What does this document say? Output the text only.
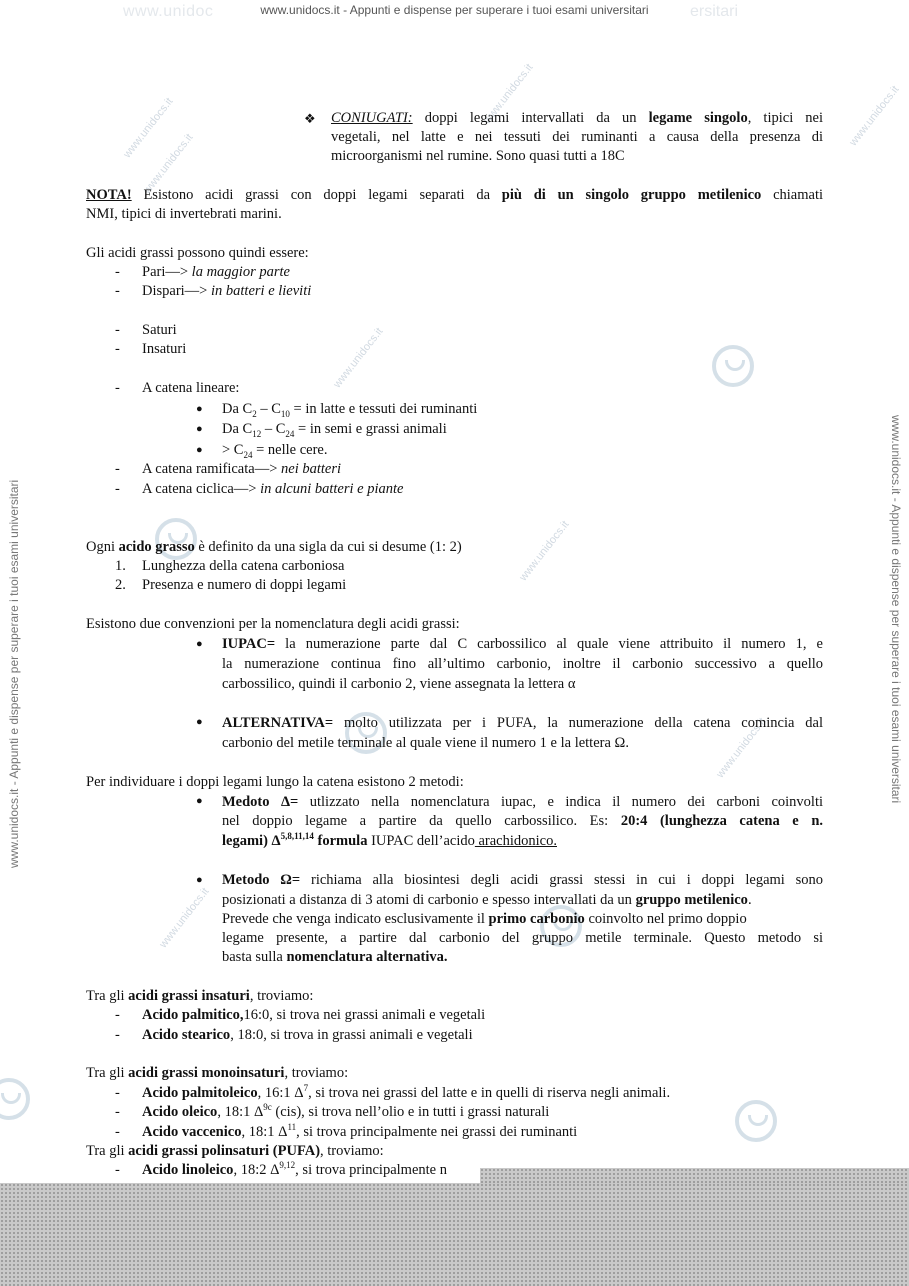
www.unidoc	ersitari
www.unidocs.it - Appunti e dispense per superare i tuoi esami universitari
www.unidocs.it - Appunti e dispense per superare i tuoi esami universitari	www.unidocs.it - Appunti e dispense per superare i tuoi esami universitari
www.unidocs.it
www.unidocs.it
www.unidocs.it
www.unidocs.it
www.unidocs.it
www.unidocs.it
www.unidocs.it	www.unidocs.it
❖ CONIUGATI: doppi legami intervallati da un legame singolo, tipici nei
vegetali, nel latte e nei tessuti dei ruminanti a causa della presenza di
microorganismi nel rumine. Sono quasi tutti a 18C
NOTA! Esistono acidi grassi con doppi legami separati da più di un singolo gruppo metilenico chiamati
NMI, tipici di invertebrati marini.
Gli acidi grassi possono quindi essere:
- Pari—> la maggior parte
- Dispari—> in batteri e lieviti
- Saturi
- Insaturi
- A catena lineare:
● Da $C_2 - C_{10}$ = in latte e tessuti dei ruminanti
● Da $C_{12} - C_{24}$ = in semi e grassi animali
● > $C_{24}$ = nelle cere.
- A catena ramificata—> nei batteri
- A catena ciclica—> in alcuni batteri e piante
Ogni acido grasso è definito da una sigla da cui si desume (1: 2)
1. Lunghezza della catena carboniosa
2. Presenza e numero di doppi legami
Esistono due convenzioni per la nomenclatura degli acidi grassi:
● IUPAC= la numerazione parte dal C carbossilico al quale viene attribuito il numero 1, e
la numerazione continua fino all’ultimo carbonio, inoltre il carbonio successivo a quello
carbossilico, quindi il carbonio 2, viene assegnata la lettera α
● ALTERNATIVA= molto utilizzata per i PUFA, la numerazione della catena comincia dal
carbonio del metile terminale al quale viene il numero 1 e la lettera Ω.
Per individuare i doppi legami lungo la catena esistono 2 metodi:
● Medoto Δ= utlizzato nella nomenclatura iupac, e indica il numero dei carboni coinvolti
nel doppio legame a partire da quello carbossilico. Es: 20:4 (lunghezza catena e n.
legami) Δ$^{5,8,11,14}$ formula IUPAC dell’acido arachidonico.
● Metodo Ω= richiama alla biosintesi degli acidi grassi stessi in cui i doppi legami sono
posizionati a distanza di 3 atomi di carbonio e spesso intervallati da un gruppo metilenico.
Prevede che venga indicato esclusivamente il primo carbonio coinvolto nel primo doppio
legame presente, a partire dal carbonio del gruppo metile terminale. Questo metodo si
basta sulla nomenclatura alternativa.
Tra gli acidi grassi insaturi, troviamo:
- Acido palmitico,16:0, si trova nei grassi animali e vegetali
- Acido stearico, 18:0, si trova in grassi animali e vegetali
Tra gli acidi grassi monoinsaturi, troviamo:
- Acido palmitoleico, 16:1 $\Delta^7$, si trova nei grassi del latte e in quelli di riserva negli animali.
- Acido oleico, 18:1 $\Delta^{9c}$ (cis), si trova nell’olio e in tutti i grassi naturali
- Acido vaccenico, 18:1 $\Delta^{11}$, si trova principalmente nei grassi dei ruminanti
Tra gli acidi grassi polinsaturi (PUFA), troviamo:
- Acido linoleico, 18:2 Δ$^{9,12}$, si trova principalmente n
